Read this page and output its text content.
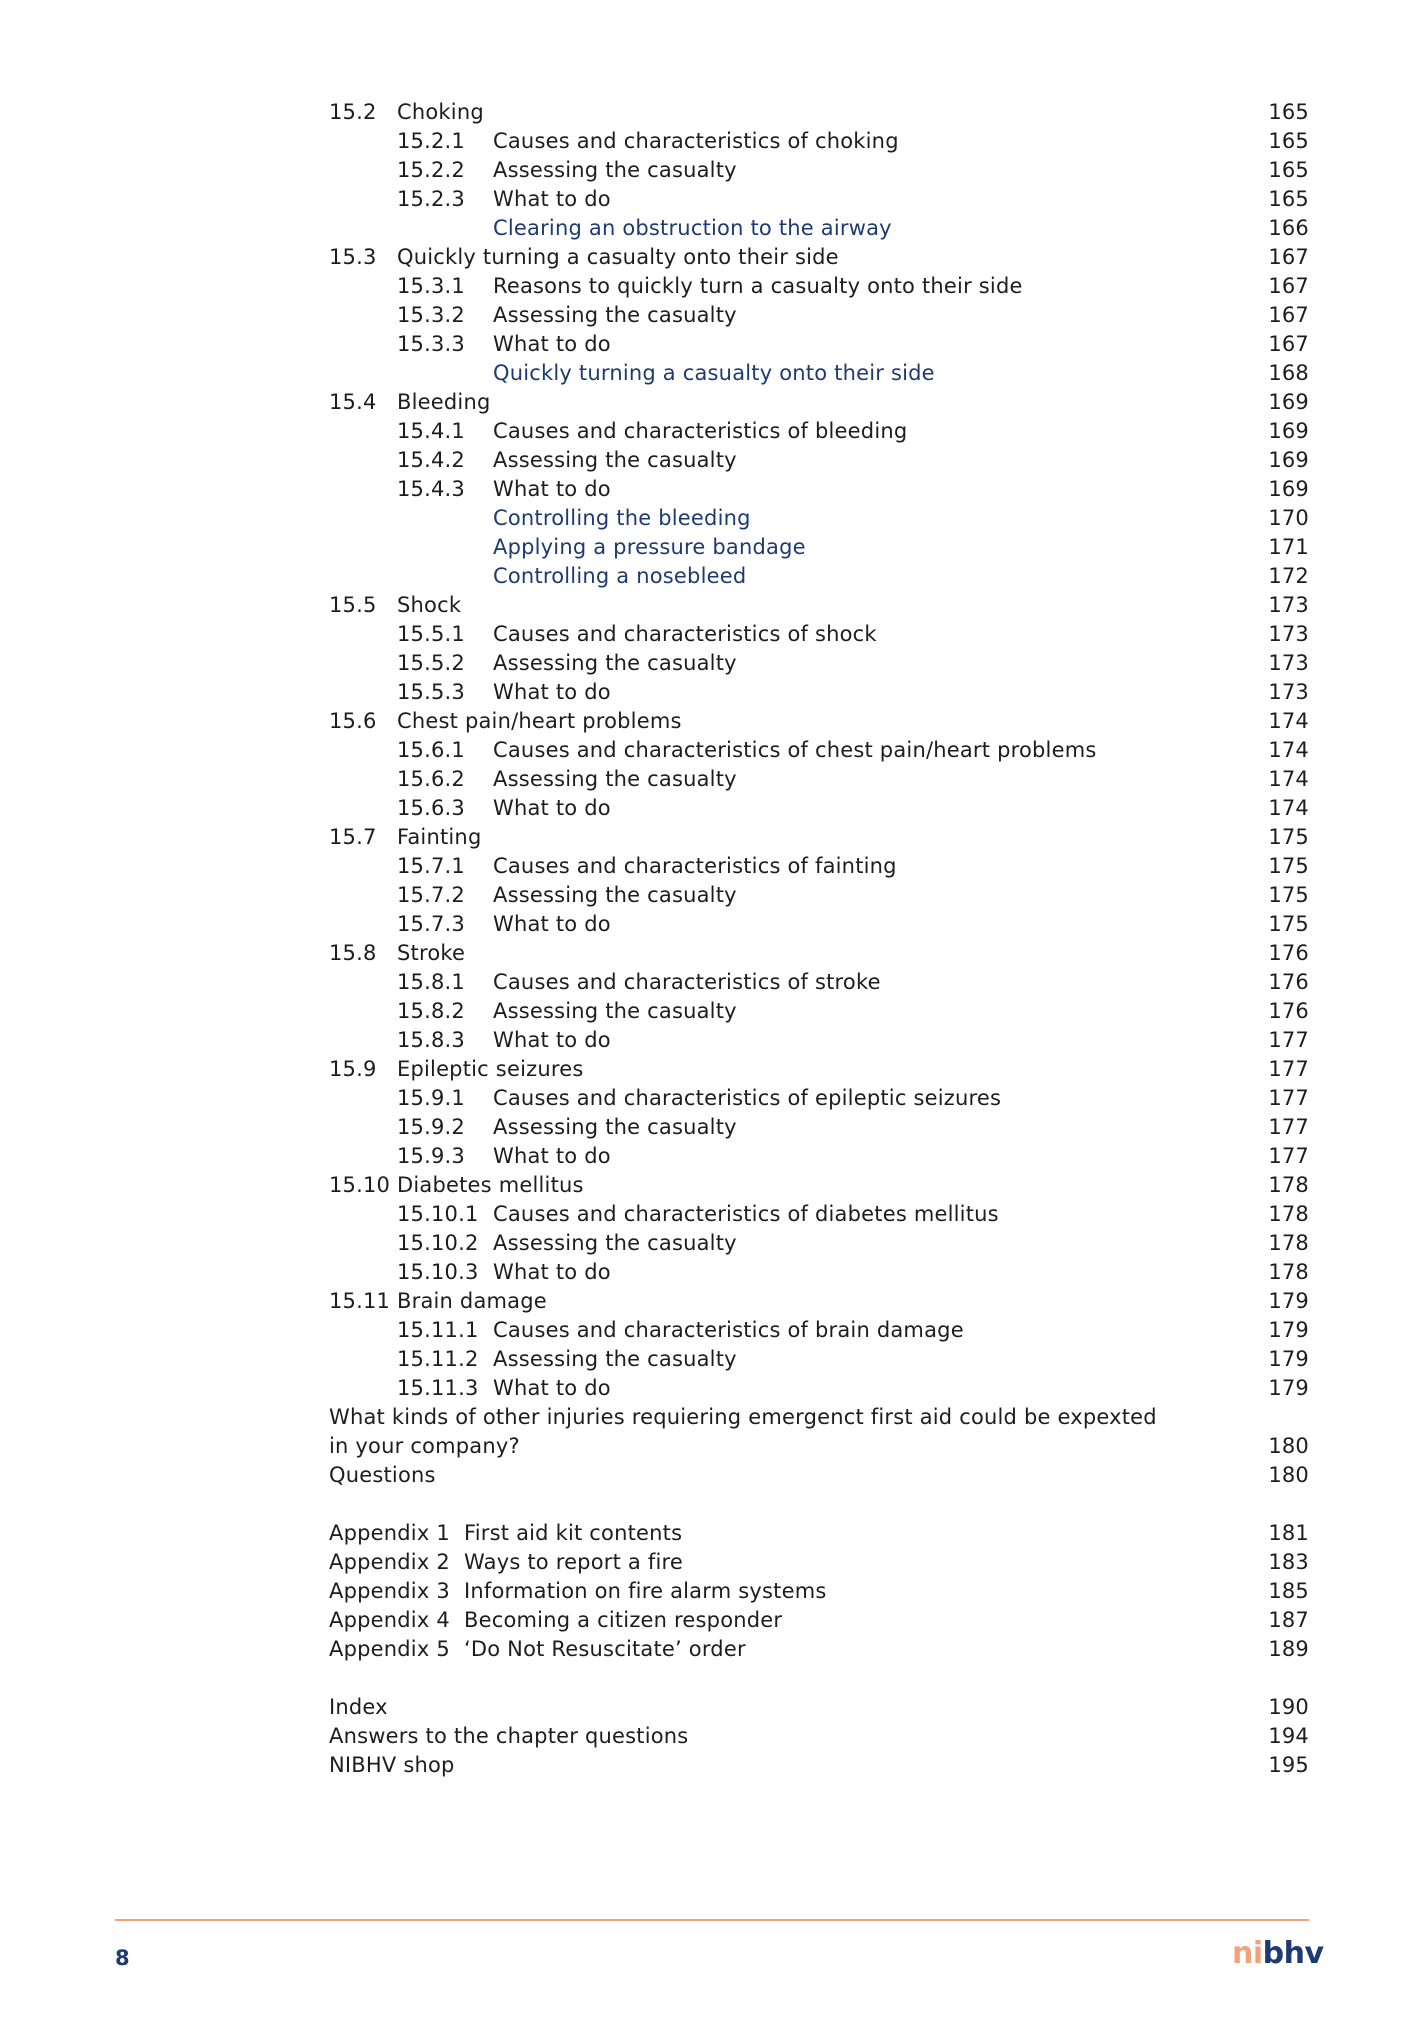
15.2 Choking	165
15.2.1 Causes and characteristics of choking	165
15.2.2 Assessing the casualty	165
15.2.3 What to do	165
Clearing an obstruction to the airway	166
15.3 Quickly turning a casualty onto their side	167
15.3.1 Reasons to quickly turn a casualty onto their side	167
15.3.2 Assessing the casualty	167
15.3.3 What to do	167
Quickly turning a casualty onto their side	168
15.4 Bleeding	169
15.4.1 Causes and characteristics of bleeding	169
15.4.2 Assessing the casualty	169
15.4.3 What to do	169
Controlling the bleeding	170
Applying a pressure bandage	171
Controlling a nosebleed	172
15.5 Shock	173
15.5.1 Causes and characteristics of shock	173
15.5.2 Assessing the casualty	173
15.5.3 What to do	173
15.6 Chest pain/heart problems	174
15.6.1 Causes and characteristics of chest pain/heart problems	174
15.6.2 Assessing the casualty	174
15.6.3 What to do	174
15.7 Fainting	175
15.7.1 Causes and characteristics of fainting	175
15.7.2 Assessing the casualty	175
15.7.3 What to do	175
15.8 Stroke	176
15.8.1 Causes and characteristics of stroke	176
15.8.2 Assessing the casualty	176
15.8.3 What to do	177
15.9 Epileptic seizures	177
15.9.1 Causes and characteristics of epileptic seizures	177
15.9.2 Assessing the casualty	177
15.9.3 What to do	177
15.10 Diabetes mellitus	178
15.10.1 Causes and characteristics of diabetes mellitus	178
15.10.2 Assessing the casualty	178
15.10.3 What to do	178
15.11 Brain damage	179
15.11.1 Causes and characteristics of brain damage	179
15.11.2 Assessing the casualty	179
15.11.3 What to do	179
What kinds of other injuries requiering emergenct first aid could be expexted
in your company?	180
Questions	180
Appendix 1 First aid kit contents	181
Appendix 2 Ways to report a fire	183
Appendix 3 Information on fire alarm systems	185
Appendix 4 Becoming a citizen responder	187
Appendix 5 ‘Do Not Resuscitate’ order	189
Index	190
Answers to the chapter questions	194
NIBHV shop	195
8	nibhv
